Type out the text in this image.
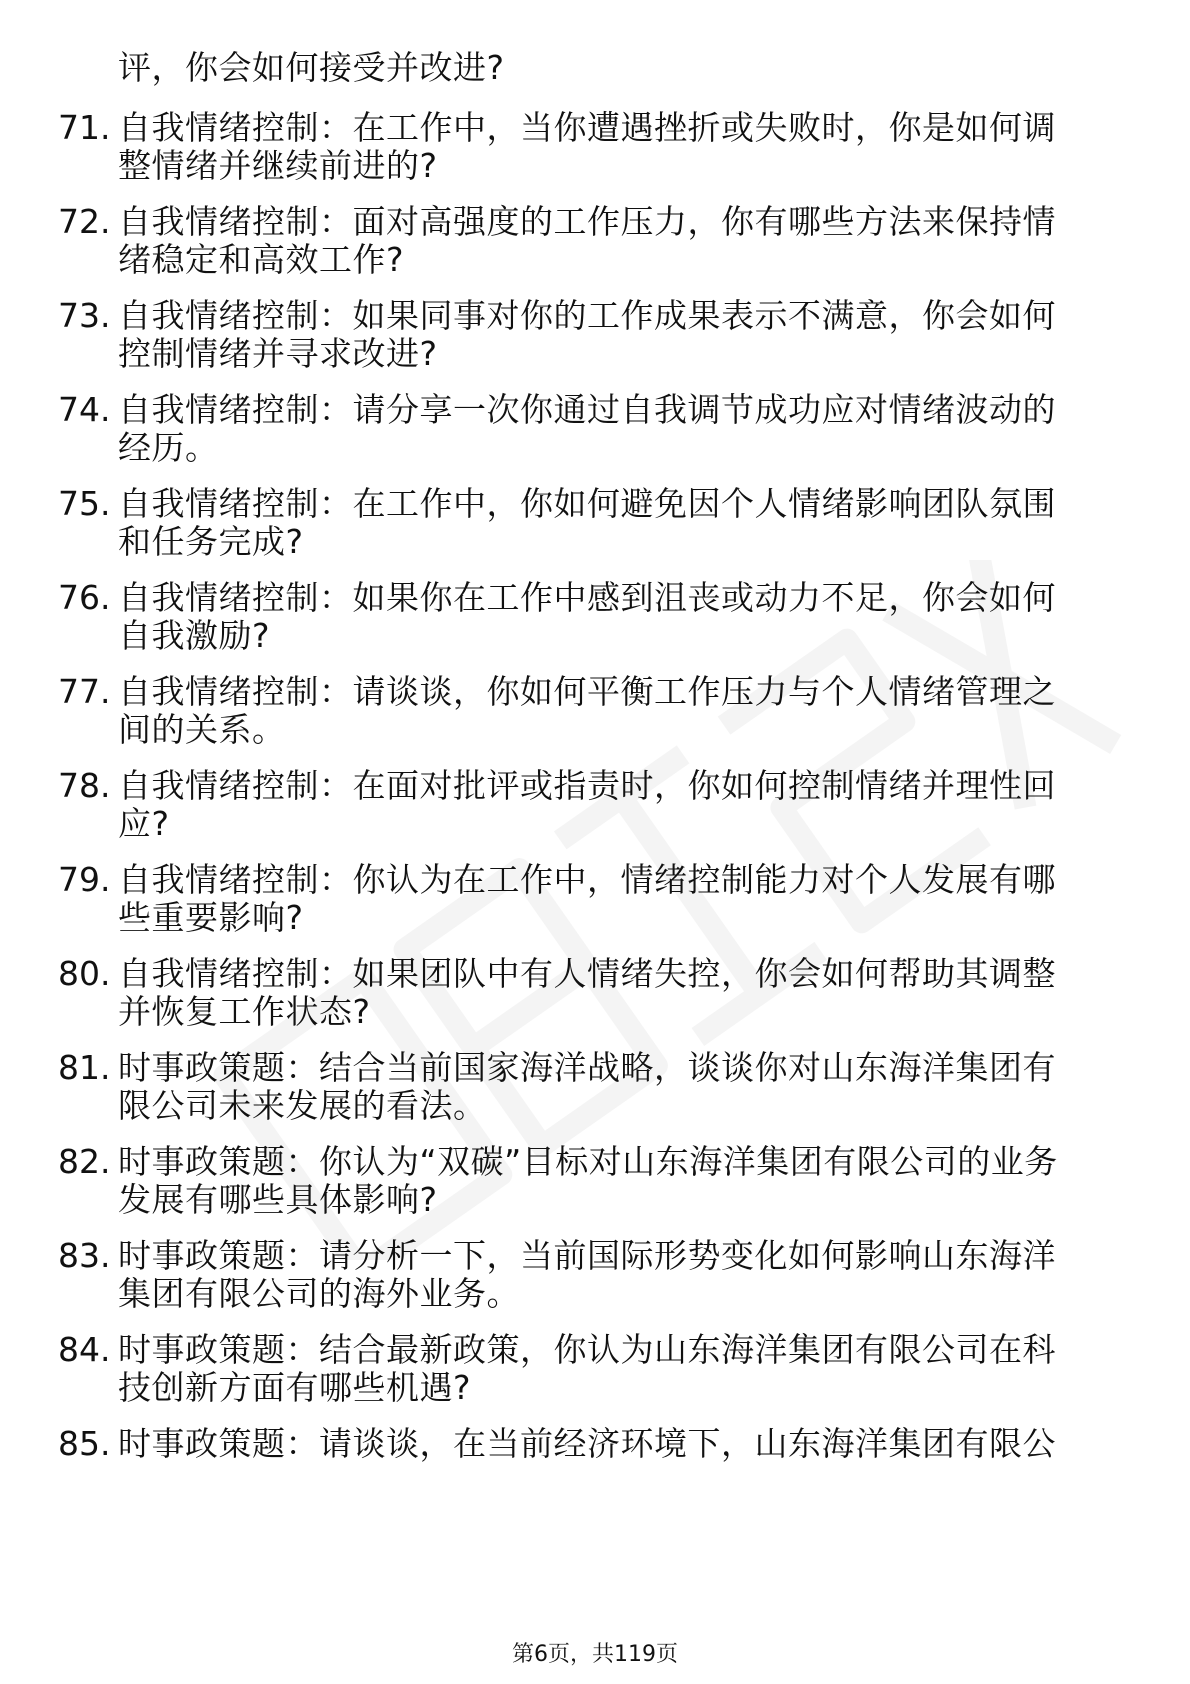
评，你会如何接受并改进?
71. 自我情绪控制：在工作中，当你遭遇挫折或失败时，你是如何调
整情绪并继续前进的?
72. 自我情绪控制：面对高强度的工作压力，你有哪些方法来保持情
绪稳定和高效工作?
73. 自我情绪控制：如果同事对你的工作成果表示不满意，你会如何
控制情绪并寻求改进?
74. 自我情绪控制：请分享一次你通过自我调节成功应对情绪波动的
经历。
75. 自我情绪控制：在工作中，你如何避免因个人情绪影响团队氛围
和任务完成?
76. 自我情绪控制：如果你在工作中感到沮丧或动力不足，你会如何
自我激励?
77. 自我情绪控制：请谈谈，你如何平衡工作压力与个人情绪管理之
间的关系。
78. 自我情绪控制：在面对批评或指责时，你如何控制情绪并理性回
应?
79. 自我情绪控制：你认为在工作中，情绪控制能力对个人发展有哪
些重要影响?
80. 自我情绪控制：如果团队中有人情绪失控，你会如何帮助其调整
并恢复工作状态?
81. 时事政策题：结合当前国家海洋战略，谈谈你对山东海洋集团有
限公司未来发展的看法。
82. 时事政策题：你认为“双碳”目标对山东海洋集团有限公司的业务
发展有哪些具体影响?
83. 时事政策题：请分析一下，当前国际形势变化如何影响山东海洋
集团有限公司的海外业务。
84. 时事政策题：结合最新政策，你认为山东海洋集团有限公司在科
技创新方面有哪些机遇?
85. 时事政策题：请谈谈，在当前经济环境下，山东海洋集团有限公
第6页，共119页
